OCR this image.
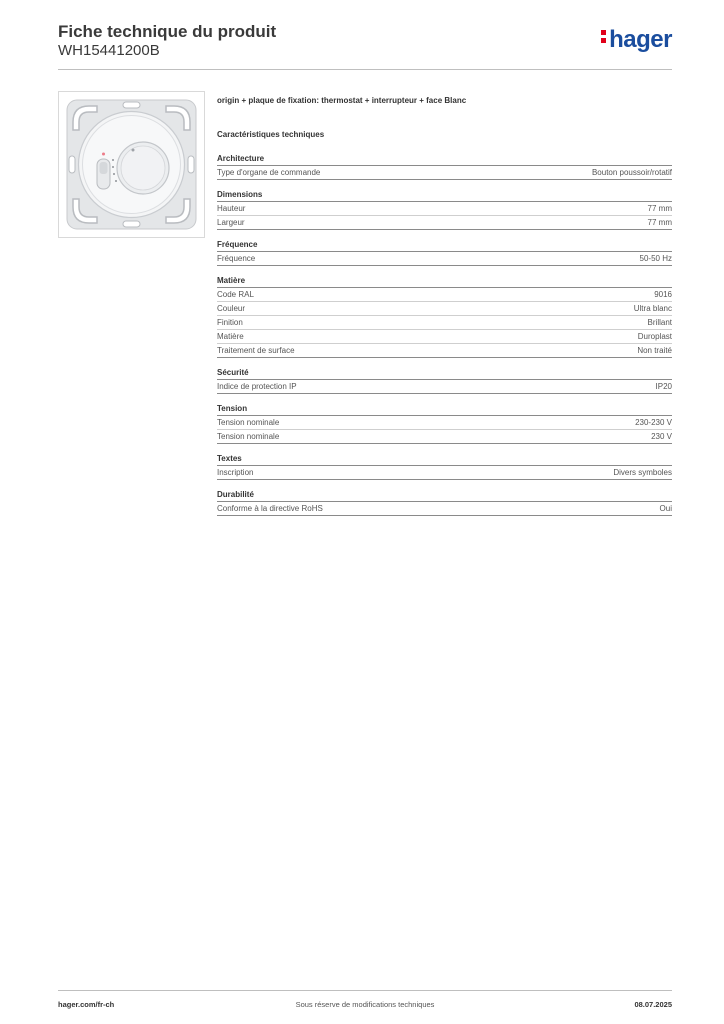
Fiche technique du produit
WH15441200B	hager
origin + plaque de fixation: thermostat + interrupteur + face Blanc
Caractéristiques techniques
Architecture
Type d'organe de commande	Bouton poussoir/rotatif
Dimensions
Hauteur	77 mm
Largeur	77 mm
Fréquence
Fréquence	50-50 Hz
Matière
Code RAL	9016
Couleur	Ultra blanc
Finition	Brillant
Matière	Duroplast
Traitement de surface	Non traité
Sécurité
Indice de protection IP	IP20
Tension
Tension nominale	230-230 V
Tension nominale	230 V
Textes
Inscription	Divers symboles
Durabilité
Conforme à la directive RoHS	Oui
hager.com/fr-ch	Sous réserve de modifications techniques	08.07.2025
